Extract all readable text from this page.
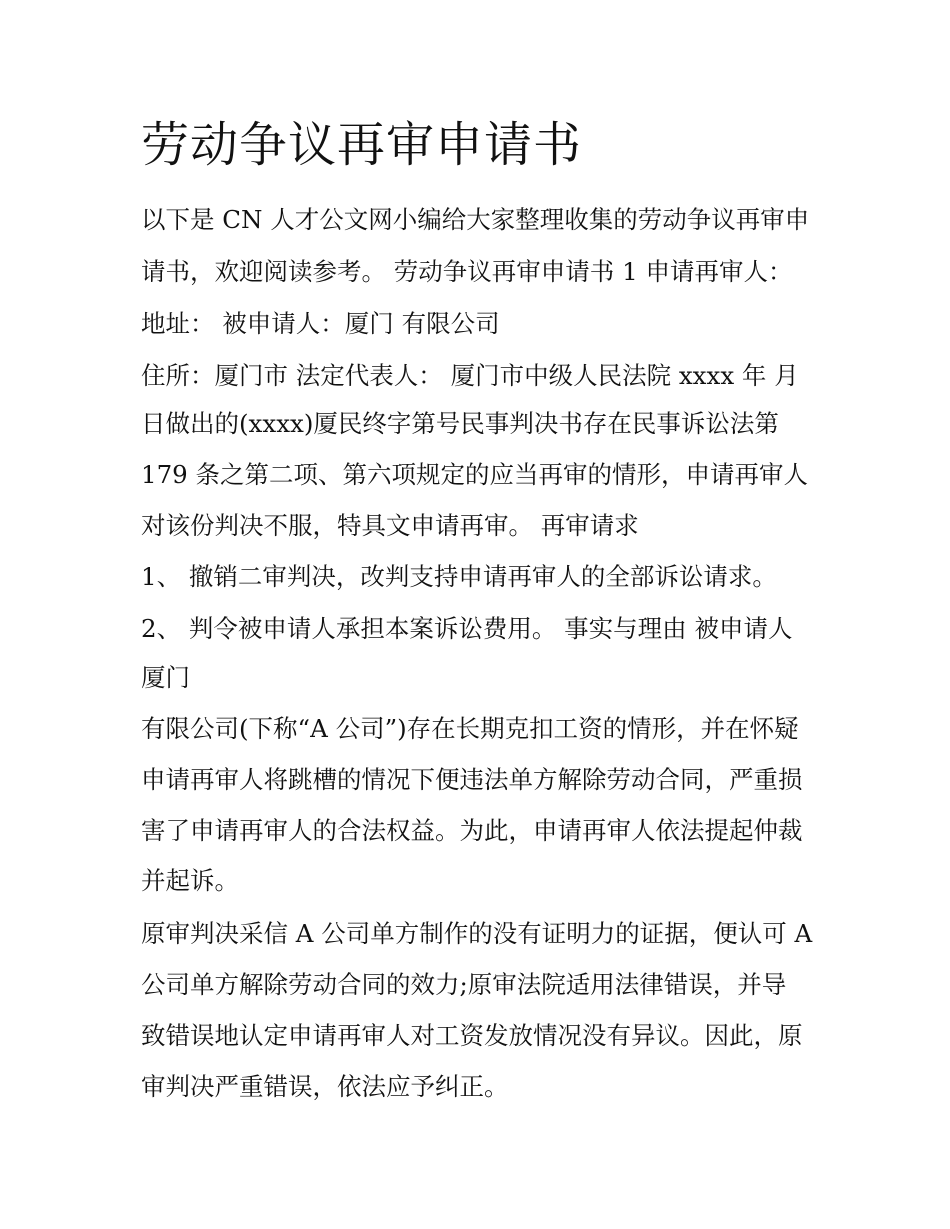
劳动争议再审申请书

以下是 CN 人才公文网小编给大家整理收集的劳动争议再审申

请书，欢迎阅读参考。 劳动争议再审申请书 1 申请再审人：

地址： 被申请人：厦门 有限公司

住所：厦门市 法定代表人： 厦门市中级人民法院 xxxx 年 月

日做出的(xxxx)厦民终字第号民事判决书存在民事诉讼法第

179 条之第二项、第六项规定的应当再审的情形，申请再审人

对该份判决不服，特具文申请再审。 再审请求

1、 撤销二审判决，改判支持申请再审人的全部诉讼请求。

2、 判令被申请人承担本案诉讼费用。 事实与理由 被申请人

厦门

有限公司(下称“A 公司”)存在长期克扣工资的情形，并在怀疑

申请再审人将跳槽的情况下便违法单方解除劳动合同，严重损

害了申请再审人的合法权益。为此，申请再审人依法提起仲裁

并起诉。

原审判决采信 A 公司单方制作的没有证明力的证据，便认可 A

公司单方解除劳动合同的效力;原审法院适用法律错误，并导

致错误地认定申请再审人对工资发放情况没有异议。因此，原

审判决严重错误，依法应予纠正。
